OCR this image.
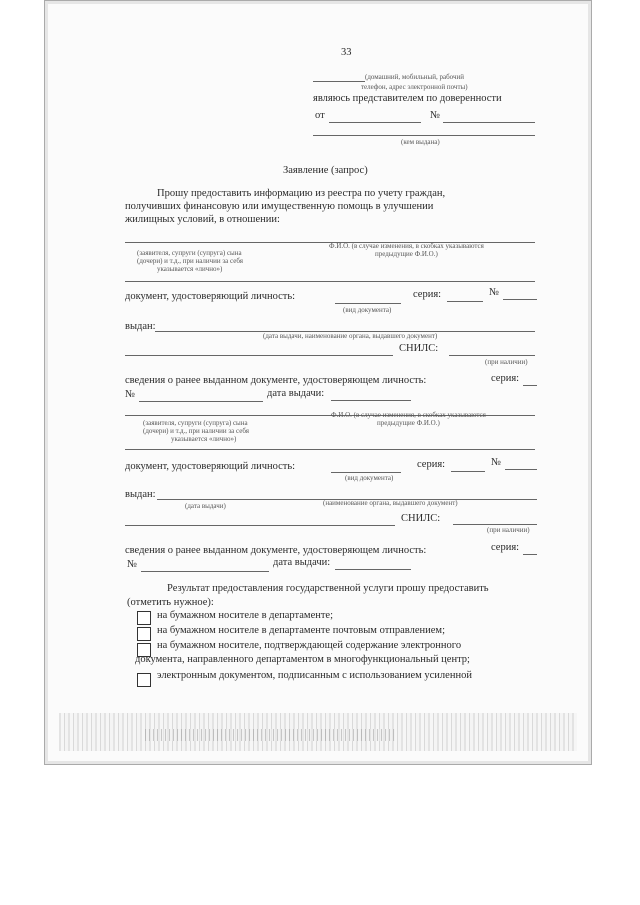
33
(домашний, мобильный, рабочий
телефон, адрес электронной почты)
являюсь представителем по доверенности
от	№
(кем выдана)
Заявление (запрос)
Прошу предоставить информацию из реестра по учету граждан,
получивших финансовую или имущественную помощь в улучшении
жилищных условий, в отношении:
(заявителя, супруги (супруга) сына
(дочери) и т.д., при наличии за себя
указывается «лично»)
Ф.И.О. (в случае изменения, в скобках указываются
предыдущие Ф.И.О.)
документ, удостоверяющий личность:	серия:	№
(вид документа)
выдан:
(дата выдачи, наименование органа, выдавшего документ)
СНИЛС:
(при наличии)
сведения о ранее выданном документе, удостоверяющем личность:	серия:
№	дата выдачи:
(заявителя, супруги (супруга) сына
(дочери) и т.д., при наличии за себя
указывается «лично»)
Ф.И.О. (в случае изменения, в скобках указываются
предыдущие Ф.И.О.)
документ, удостоверяющий личность:	серия:	№
(вид документа)
выдан:
(дата выдачи)	(наименование органа, выдавшего документ)
СНИЛС:
(при наличии)
сведения о ранее выданном документе, удостоверяющем личность:	серия:
№	дата выдачи:
Результат предоставления государственной услуги прошу предоставить
(отметить нужное):
на бумажном носителе в департаменте;
на бумажном носителе в департаменте почтовым отправлением;
на бумажном носителе, подтверждающей содержание электронного
документа, направленного департаментом в многофункциональный центр;
электронным документом, подписанным с использованием усиленной
